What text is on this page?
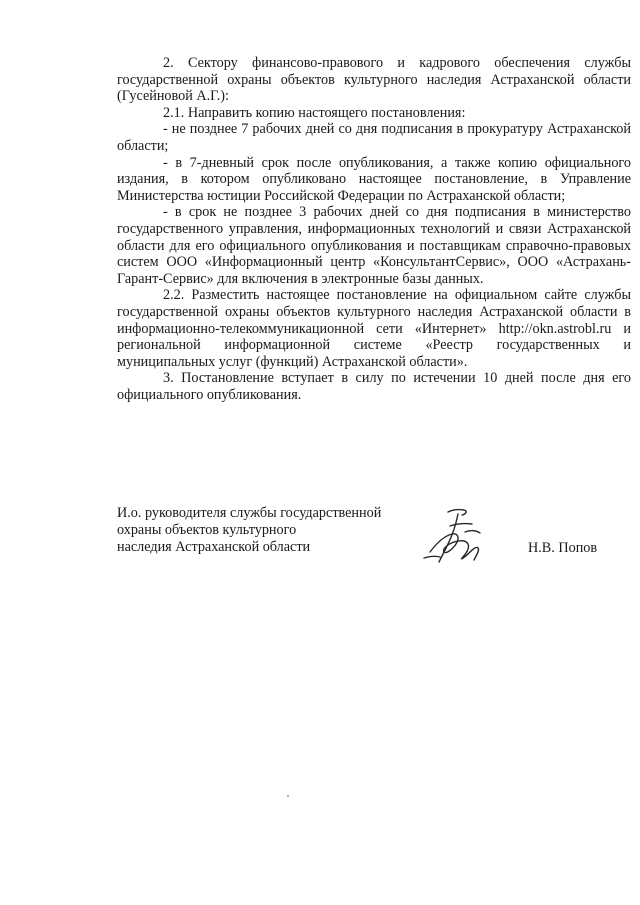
2. Сектору финансово-правового и кадрового обеспечения службы государственной охраны объектов культурного наследия Астраханской области (Гусейновой А.Г.):

2.1. Направить копию настоящего постановления:

- не позднее 7 рабочих дней со дня подписания в прокуратуру Астраханской области;

- в 7-дневный срок после опубликования, а также копию официального издания, в котором опубликовано настоящее постановление, в Управление Министерства юстиции Российской Федерации по Астраханской области;

- в срок не позднее 3 рабочих дней со дня подписания в министерство государственного управления, информационных технологий и связи Астраханской области для его официального опубликования и поставщикам справочно-правовых систем ООО «Информационный центр «КонсультантСервис», ООО «Астрахань-Гарант-Сервис» для включения в электронные базы данных.

2.2. Разместить настоящее постановление на официальном сайте службы государственной охраны объектов культурного наследия Астраханской области в информационно-телекоммуникационной сети «Интернет» http://okn.astrobl.ru и региональной информационной системе «Реестр государственных и муниципальных услуг (функций) Астраханской области».

3. Постановление вступает в силу по истечении 10 дней после дня его официального опубликования.

И.о. руководителя службы государственной
охраны объектов культурного
наследия Астраханской области	Н.В. Попов
